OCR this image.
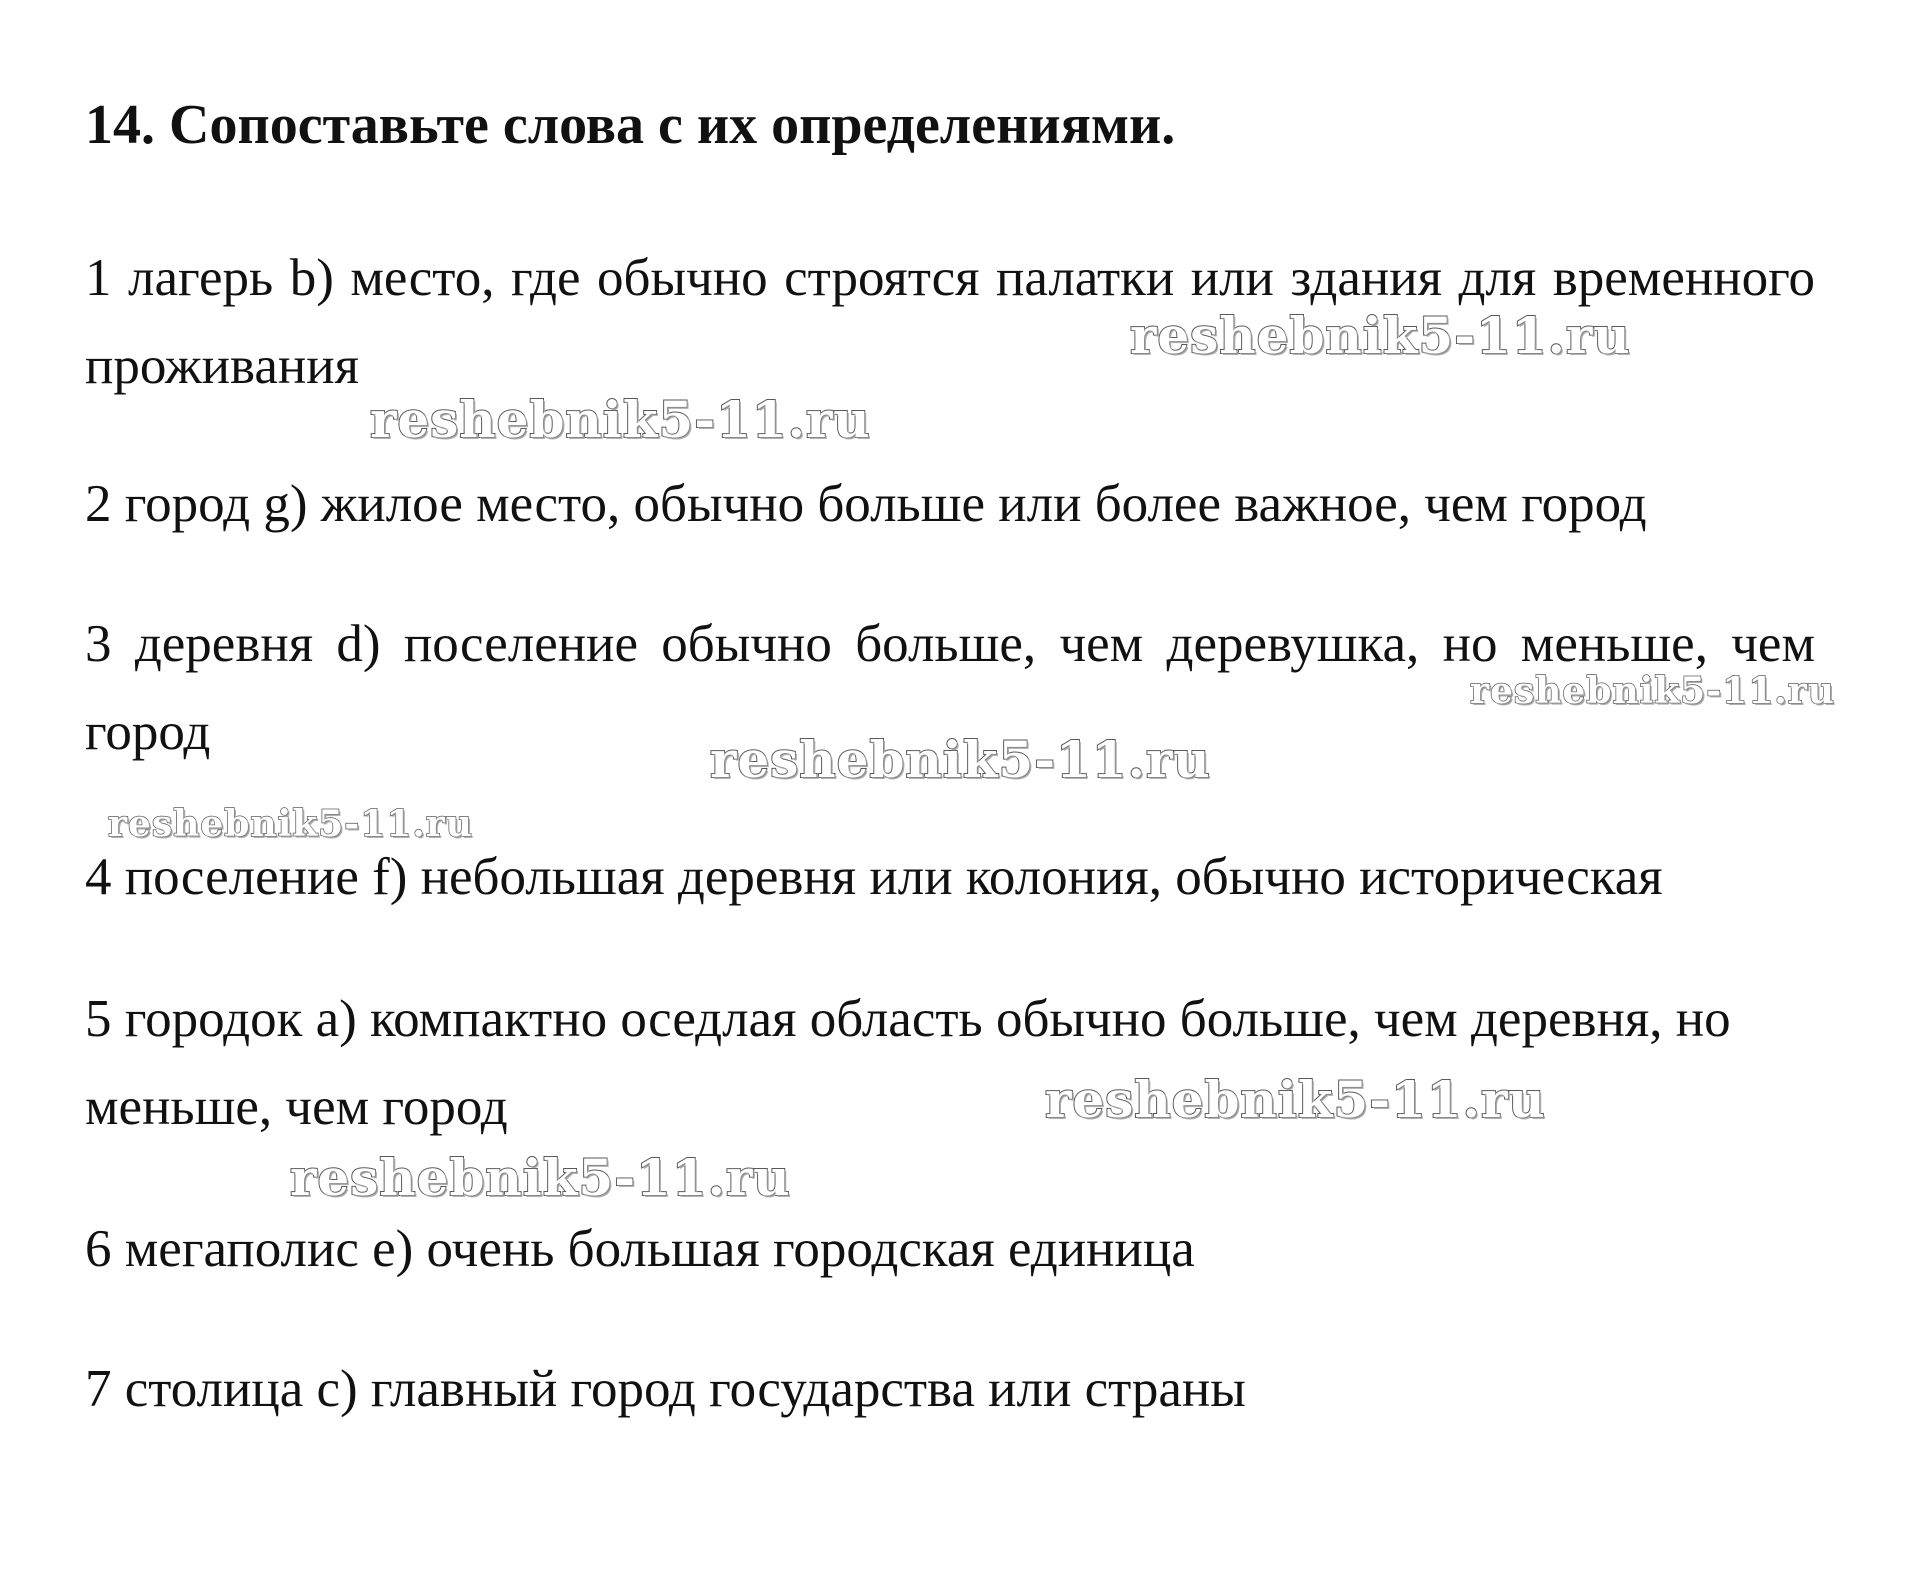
14. Сопоставьте слова с их определениями.

1 лагерь b) место, где обычно строятся палатки или здания для временного проживания

2 город g) жилое место, обычно больше или более важное, чем город

3 деревня d) поселение обычно больше, чем деревушка, но меньше, чем город

4 поселение f) небольшая деревня или колония, обычно историческая

5 городок a) компактно оседлая область обычно больше, чем деревня, но меньше, чем город

6 мегаполис e) очень большая городская единица

7 столица c) главный город государства или страны

reshebnik5-11.ru
reshebnik5-11.ru
reshebnik5-11.ru
reshebnik5-11.ru
reshebnik5-11.ru
reshebnik5-11.ru
reshebnik5-11.ru
